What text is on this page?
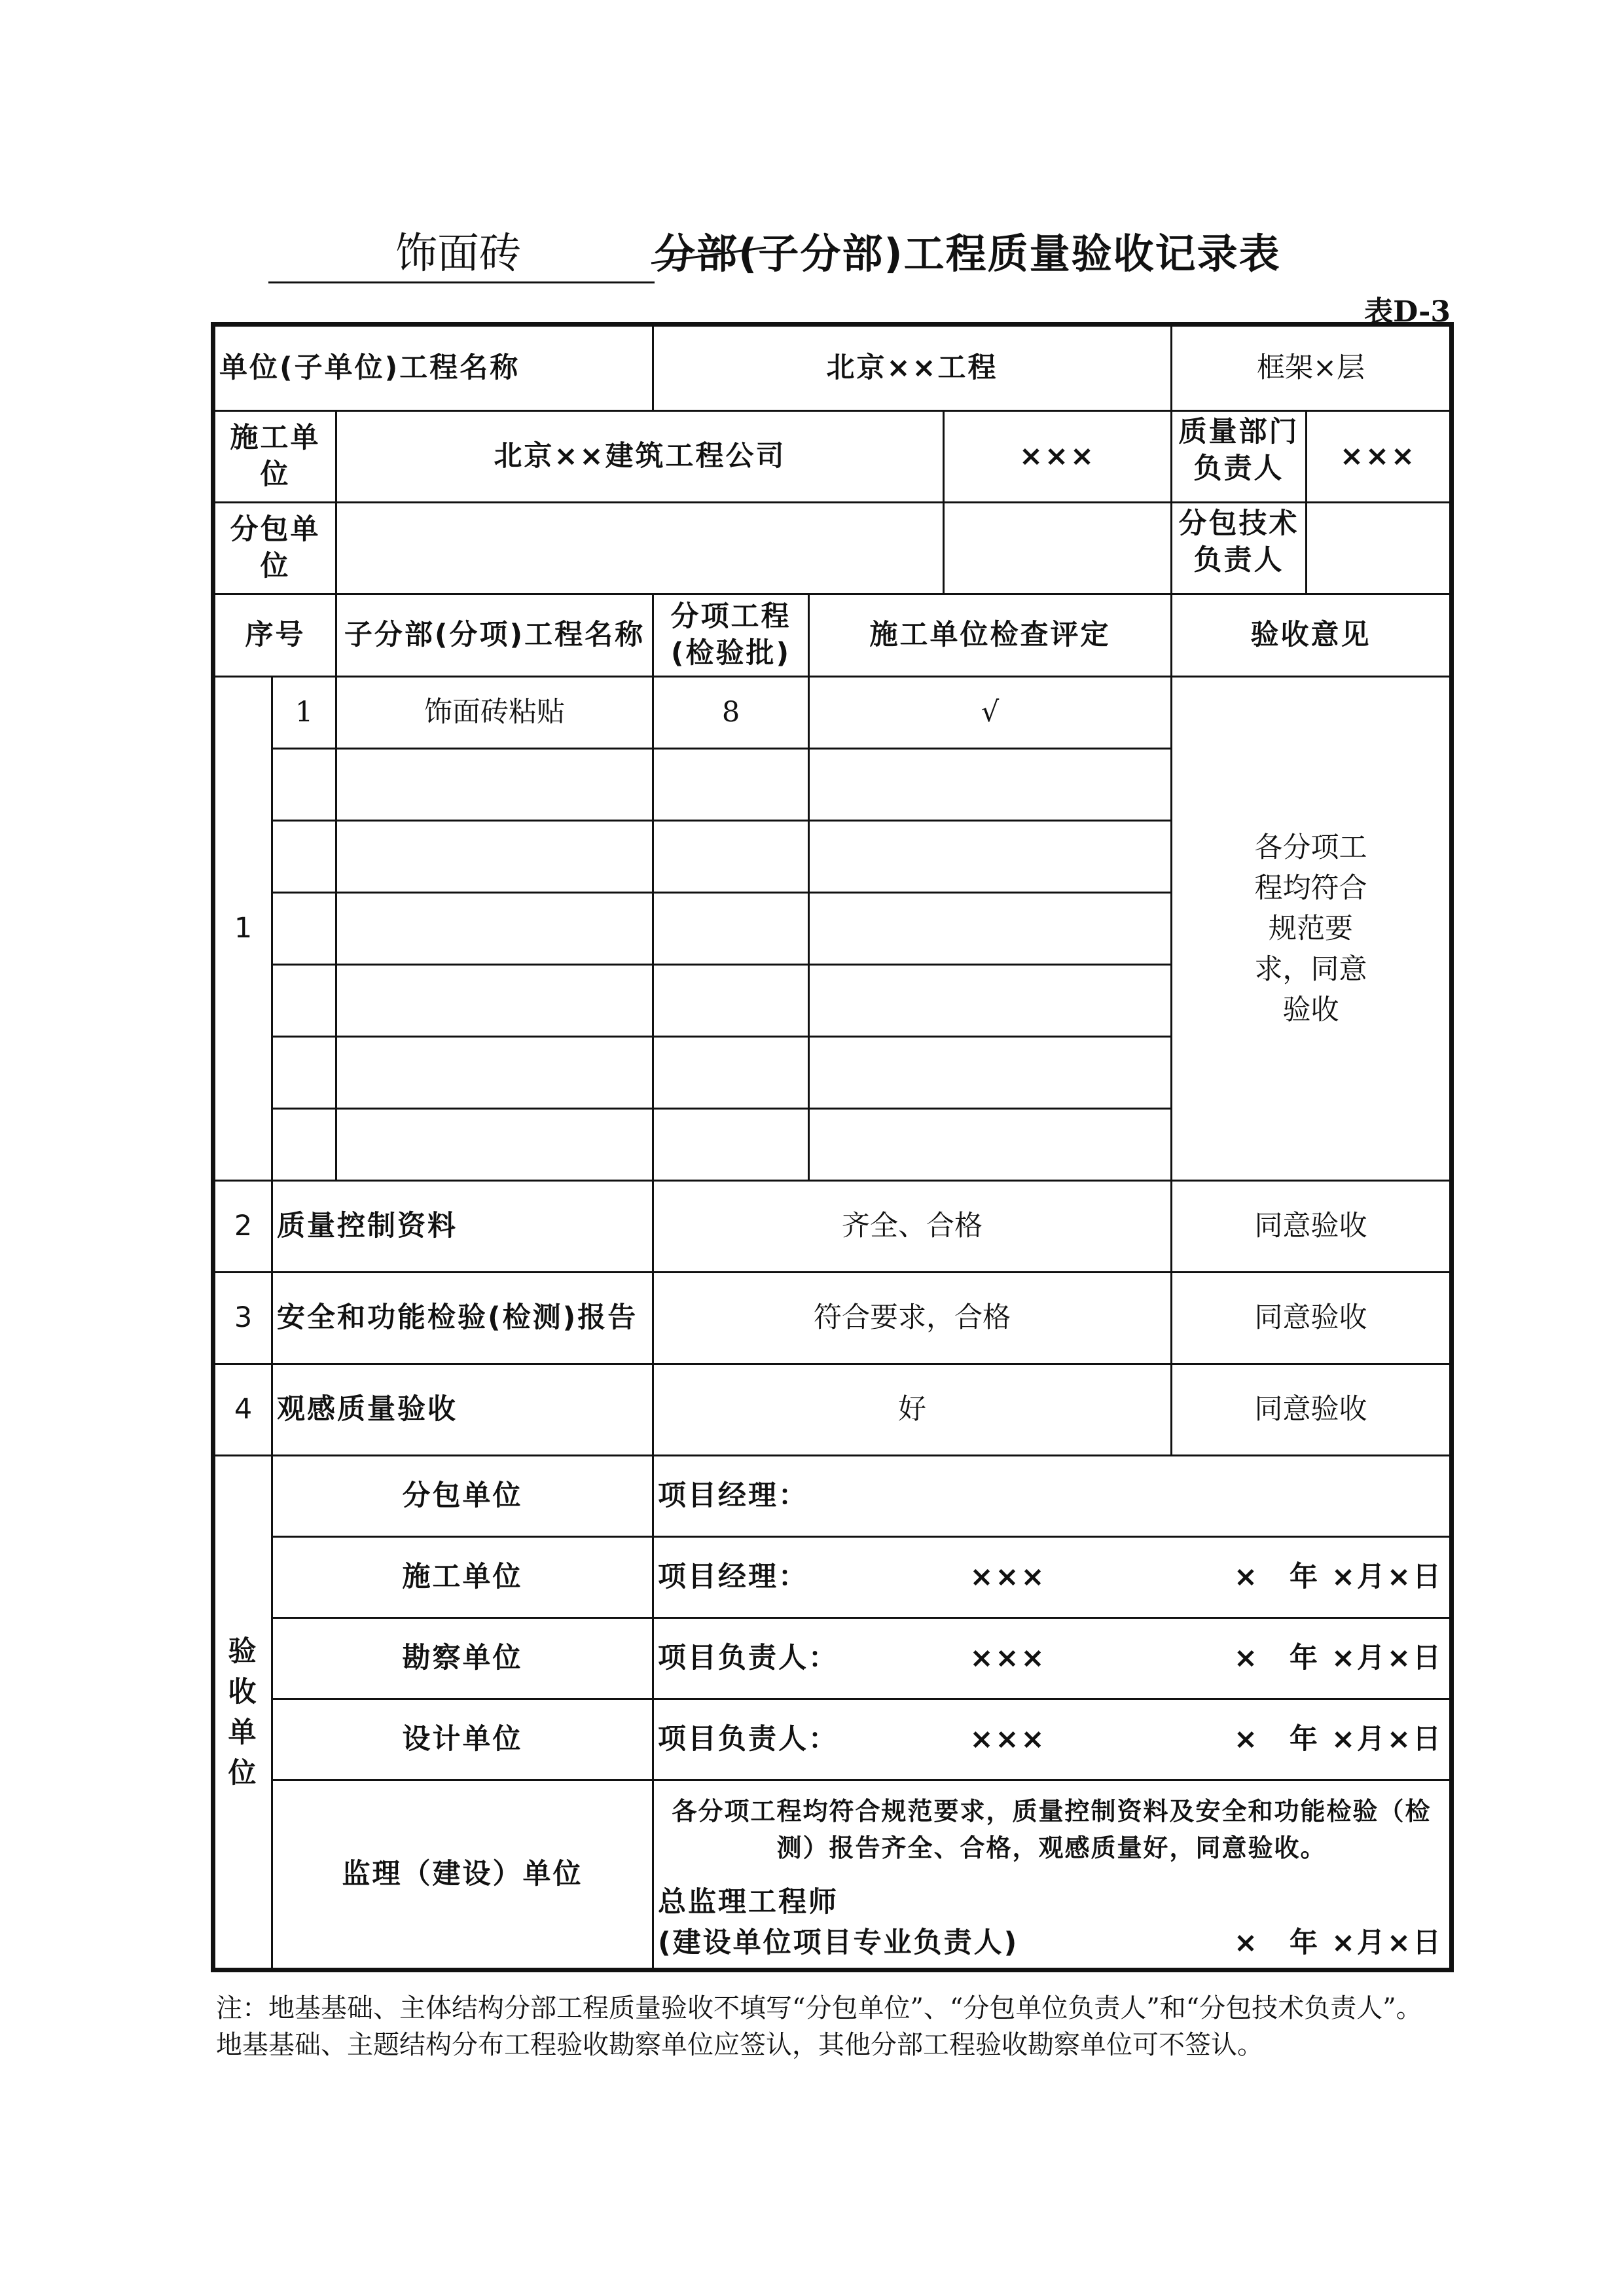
饰面砖	分部(子分部)工程质量验收记录表
表D-3
单位(子单位)工程名称			北京××工程			框架×层	
施工单位		北京××建筑工程公司			×××	质量部门负责人	×××
分包单位						分包技术负责人	

序号		子分部(分项)工程名称	分项工程(检验批)	施工单位检查评定		验收意见	
1	1	饰面砖粘贴	8	√		各分项工程均符合规范要求，同意验收	

2	质量控制资料		齐全、合格			同意验收	
3	安全和功能检验(检测)报告		符合要求，合格			同意验收	
4	观感质量验收		好			同意验收	

验收单位	分包单位		项目经理：				

	施工单位		项目经理： ××× ×　年 ×月×日				

	勘察单位		项目负责人： ××× ×　年 ×月×日				

	设计单位		项目负责人： ××× ×　年 ×月×日				

	监理（建设）单位		各分项工程均符合规范要求，质量控制资料及安全和功能检验（检测）报告齐全、合格，观感质量好，同意验收。
总监理工程师
(建设单位项目专业负责人) ×　年 ×月×日				
注：地基基础、主体结构分部工程质量验收不填写“分包单位”、“分包单位负责人”和“分包技术负责人”。地基基础、主题结构分布工程验收勘察单位应签认，其他分部工程验收勘察单位可不签认。
